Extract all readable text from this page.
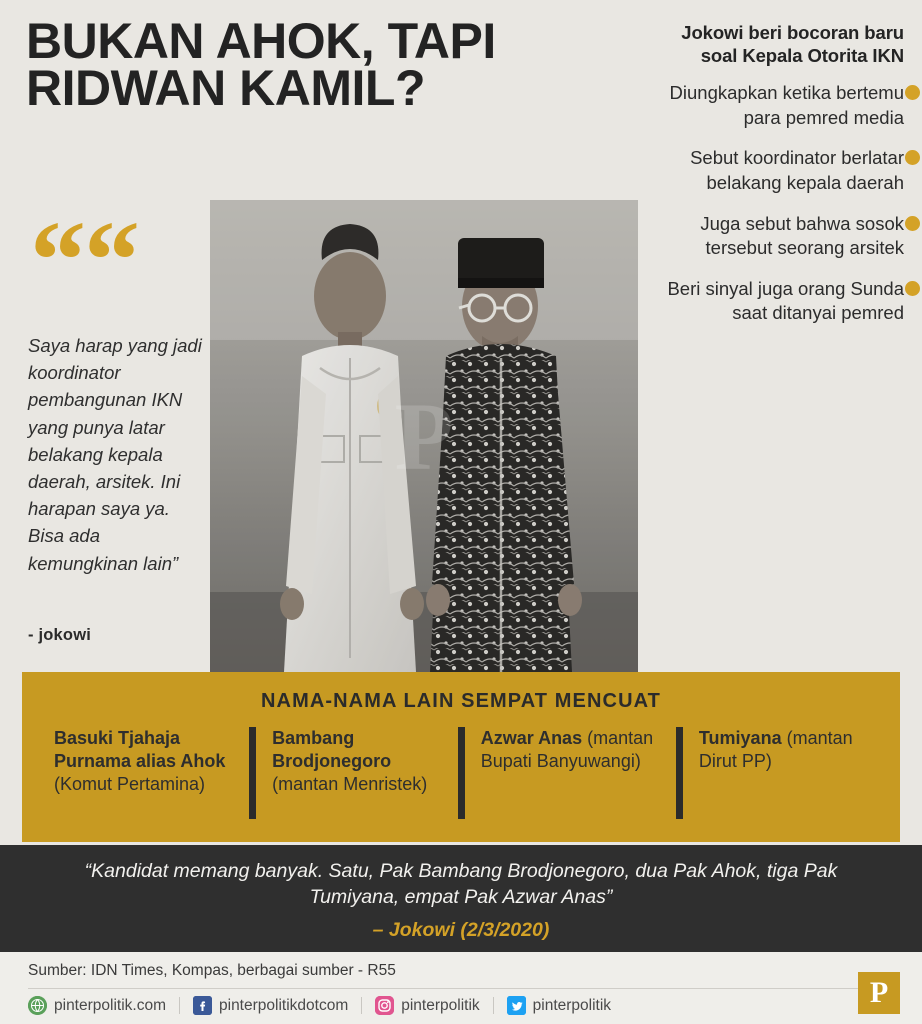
BUKAN AHOK, TAPI RIDWAN KAMIL?
““
Saya harap yang jadi koordinator pembangunan IKN yang punya latar belakang kepala daerah, arsitek. Ini harapan saya ya. Bisa ada kemungkinan lain”
- jokowi
P
Jokowi beri bocoran baru soal Kepala Otorita IKN
Diungkapkan ketika bertemu para pemred media
Sebut koordinator berlatar belakang kepala daerah
Juga sebut bahwa sosok tersebut seorang arsitek
Beri sinyal juga orang Sunda saat ditanyai pemred
NAMA-NAMA LAIN SEMPAT MENCUAT
Basuki Tjahaja Purnama alias Ahok (Komut Pertamina)
Bambang Brodjonegoro (mantan Menristek)
Azwar Anas (mantan Bupati Banyuwangi)
Tumiyana (mantan Dirut PP)
“Kandidat memang banyak. Satu, Pak Bambang Brodjonegoro, dua Pak Ahok, tiga Pak Tumiyana, empat Pak Azwar Anas”
– Jokowi (2/3/2020)
Sumber: IDN Times, Kompas, berbagai sumber - R55
pinterpolitik.com	pinterpolitikdotcom	pinterpolitik	pinterpolitik	P
